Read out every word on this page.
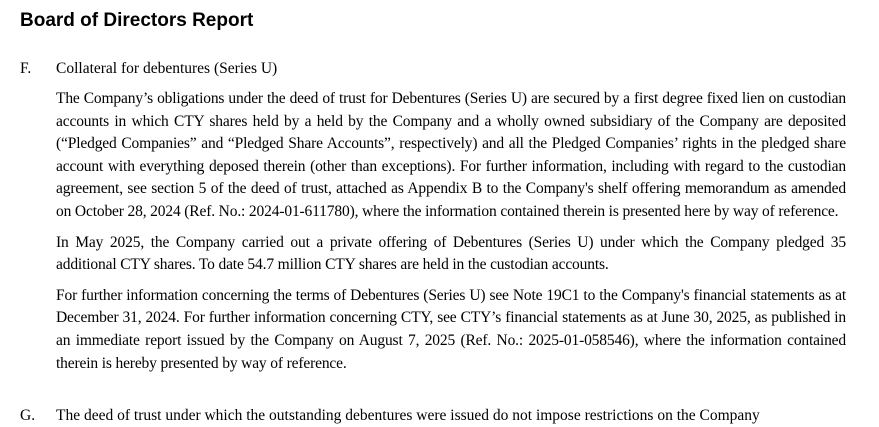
Board of Directors Report
F. Collateral for debentures (Series U)

The Company’s obligations under the deed of trust for Debentures (Series U) are secured by a first degree fixed lien on custodian accounts in which CTY shares held by a held by the Company and a wholly owned subsidiary of the Company are deposited (“Pledged Companies” and “Pledged Share Accounts”, respectively) and all the Pledged Companies’ rights in the pledged share account with everything deposed therein (other than exceptions). For further information, including with regard to the custodian agreement, see section 5 of the deed of trust, attached as Appendix B to the Company's shelf offering memorandum as amended on October 28, 2024 (Ref. No.: 2024-01-611780), where the information contained therein is presented here by way of reference.

In May 2025, the Company carried out a private offering of Debentures (Series U) under which the Company pledged 35 additional CTY shares. To date 54.7 million CTY shares are held in the custodian accounts.

For further information concerning the terms of Debentures (Series U) see Note 19C1 to the Company's financial statements as at December 31, 2024. For further information concerning CTY, see CTY’s financial statements as at June 30, 2025, as published in an immediate report issued by the Company on August 7, 2025 (Ref. No.: 2025-01-058546), where the information contained therein is hereby presented by way of reference.

G. The deed of trust under which the outstanding debentures were issued do not impose restrictions on the Company
